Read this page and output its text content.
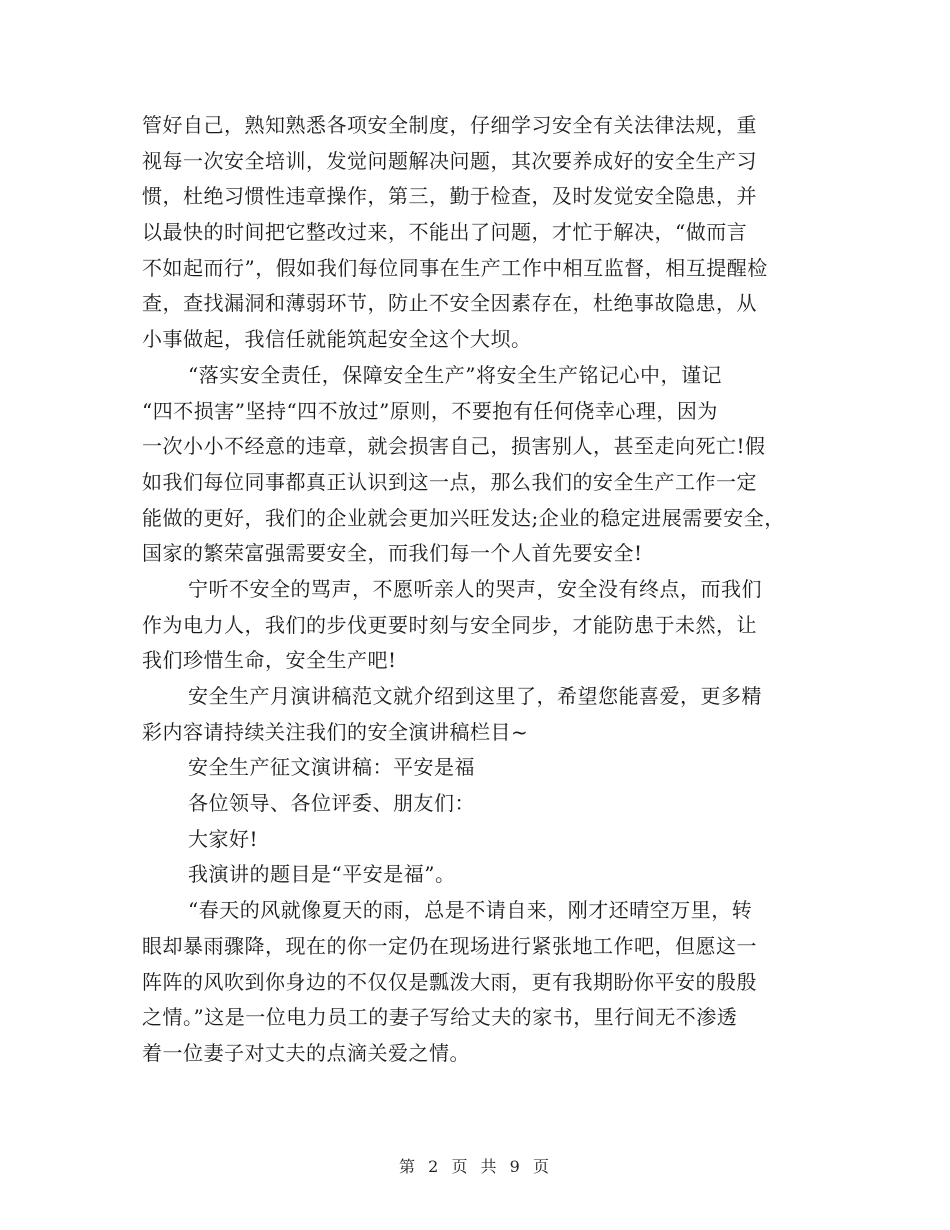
管好自己，熟知熟悉各项安全制度，仔细学习安全有关法律法规，重
视每一次安全培训，发觉问题解决问题，其次要养成好的安全生产习
惯，杜绝习惯性违章操作，第三，勤于检查，及时发觉安全隐患，并
以最快的时间把它整改过来，不能出了问题，才忙于解决，“做而言
不如起而行”，假如我们每位同事在生产工作中相互监督，相互提醒检
查，查找漏洞和薄弱环节，防止不安全因素存在，杜绝事故隐患，从
小事做起，我信任就能筑起安全这个大坝。
“落实安全责任，保障安全生产”将安全生产铭记心中，谨记
“四不损害”坚持“四不放过”原则，不要抱有任何侥幸心理，因为
一次小小不经意的违章，就会损害自己，损害别人，甚至走向死亡!假
如我们每位同事都真正认识到这一点，那么我们的安全生产工作一定
能做的更好，我们的企业就会更加兴旺发达;企业的稳定进展需要安全，
国家的繁荣富强需要安全，而我们每一个人首先要安全!
宁听不安全的骂声，不愿听亲人的哭声，安全没有终点，而我们
作为电力人，我们的步伐更要时刻与安全同步，才能防患于未然，让
我们珍惜生命，安全生产吧!
安全生产月演讲稿范文就介绍到这里了，希望您能喜爱，更多精
彩内容请持续关注我们的安全演讲稿栏目~
安全生产征文演讲稿：平安是福
各位领导、各位评委、朋友们：
大家好!
我演讲的题目是“平安是福”。
“春天的风就像夏天的雨，总是不请自来，刚才还晴空万里，转
眼却暴雨骤降，现在的你一定仍在现场进行紧张地工作吧，但愿这一
阵阵的风吹到你身边的不仅仅是瓢泼大雨，更有我期盼你平安的殷殷
之情。”这是一位电力员工的妻子写给丈夫的家书，里行间无不渗透
着一位妻子对丈夫的点滴关爱之情。
第 2 页 共 9 页
